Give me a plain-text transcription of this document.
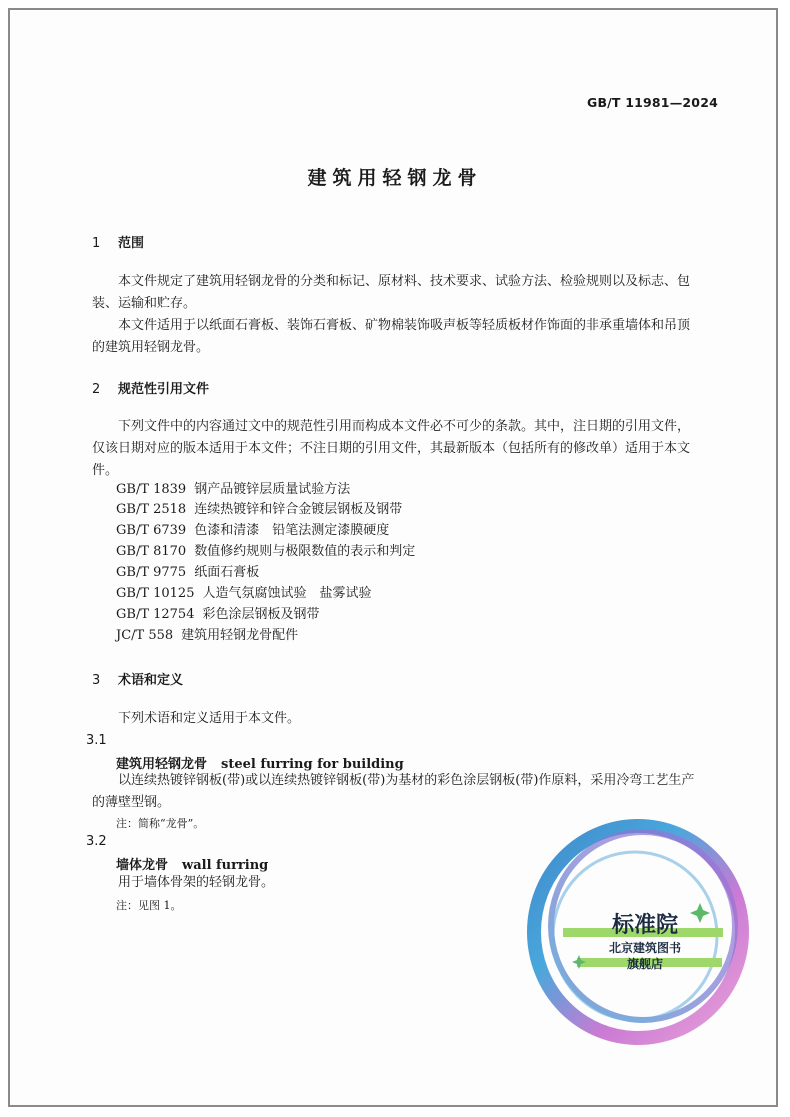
GB/T 11981—2024
建筑用轻钢龙骨
1 范围
本文件规定了建筑用轻钢龙骨的分类和标记、原材料、技术要求、试验方法、检验规则以及标志、包装、运输和贮存。
本文件适用于以纸面石膏板、装饰石膏板、矿物棉装饰吸声板等轻质板材作饰面的非承重墙体和吊顶的建筑用轻钢龙骨。
2 规范性引用文件
下列文件中的内容通过文中的规范性引用而构成本文件必不可少的条款。其中，注日期的引用文件，仅该日期对应的版本适用于本文件；不注日期的引用文件，其最新版本（包括所有的修改单）适用于本文件。
GB/T 1839 钢产品镀锌层质量试验方法
GB/T 2518 连续热镀锌和锌合金镀层钢板及钢带
GB/T 6739 色漆和清漆　铅笔法测定漆膜硬度
GB/T 8170 数值修约规则与极限数值的表示和判定
GB/T 9775 纸面石膏板
GB/T 10125 人造气氛腐蚀试验　盐雾试验
GB/T 12754 彩色涂层钢板及钢带
JC/T 558 建筑用轻钢龙骨配件
3 术语和定义
下列术语和定义适用于本文件。
3.1
建筑用轻钢龙骨 steel furring for building
以连续热镀锌钢板(带)或以连续热镀锌钢板(带)为基材的彩色涂层钢板(带)作原料，采用冷弯工艺生产的薄壁型钢。
注：简称“龙骨”。
3.2
墙体龙骨 wall furring
用于墙体骨架的轻钢龙骨。
注：见图 1。
标准院
北京建筑图书
旗舰店
